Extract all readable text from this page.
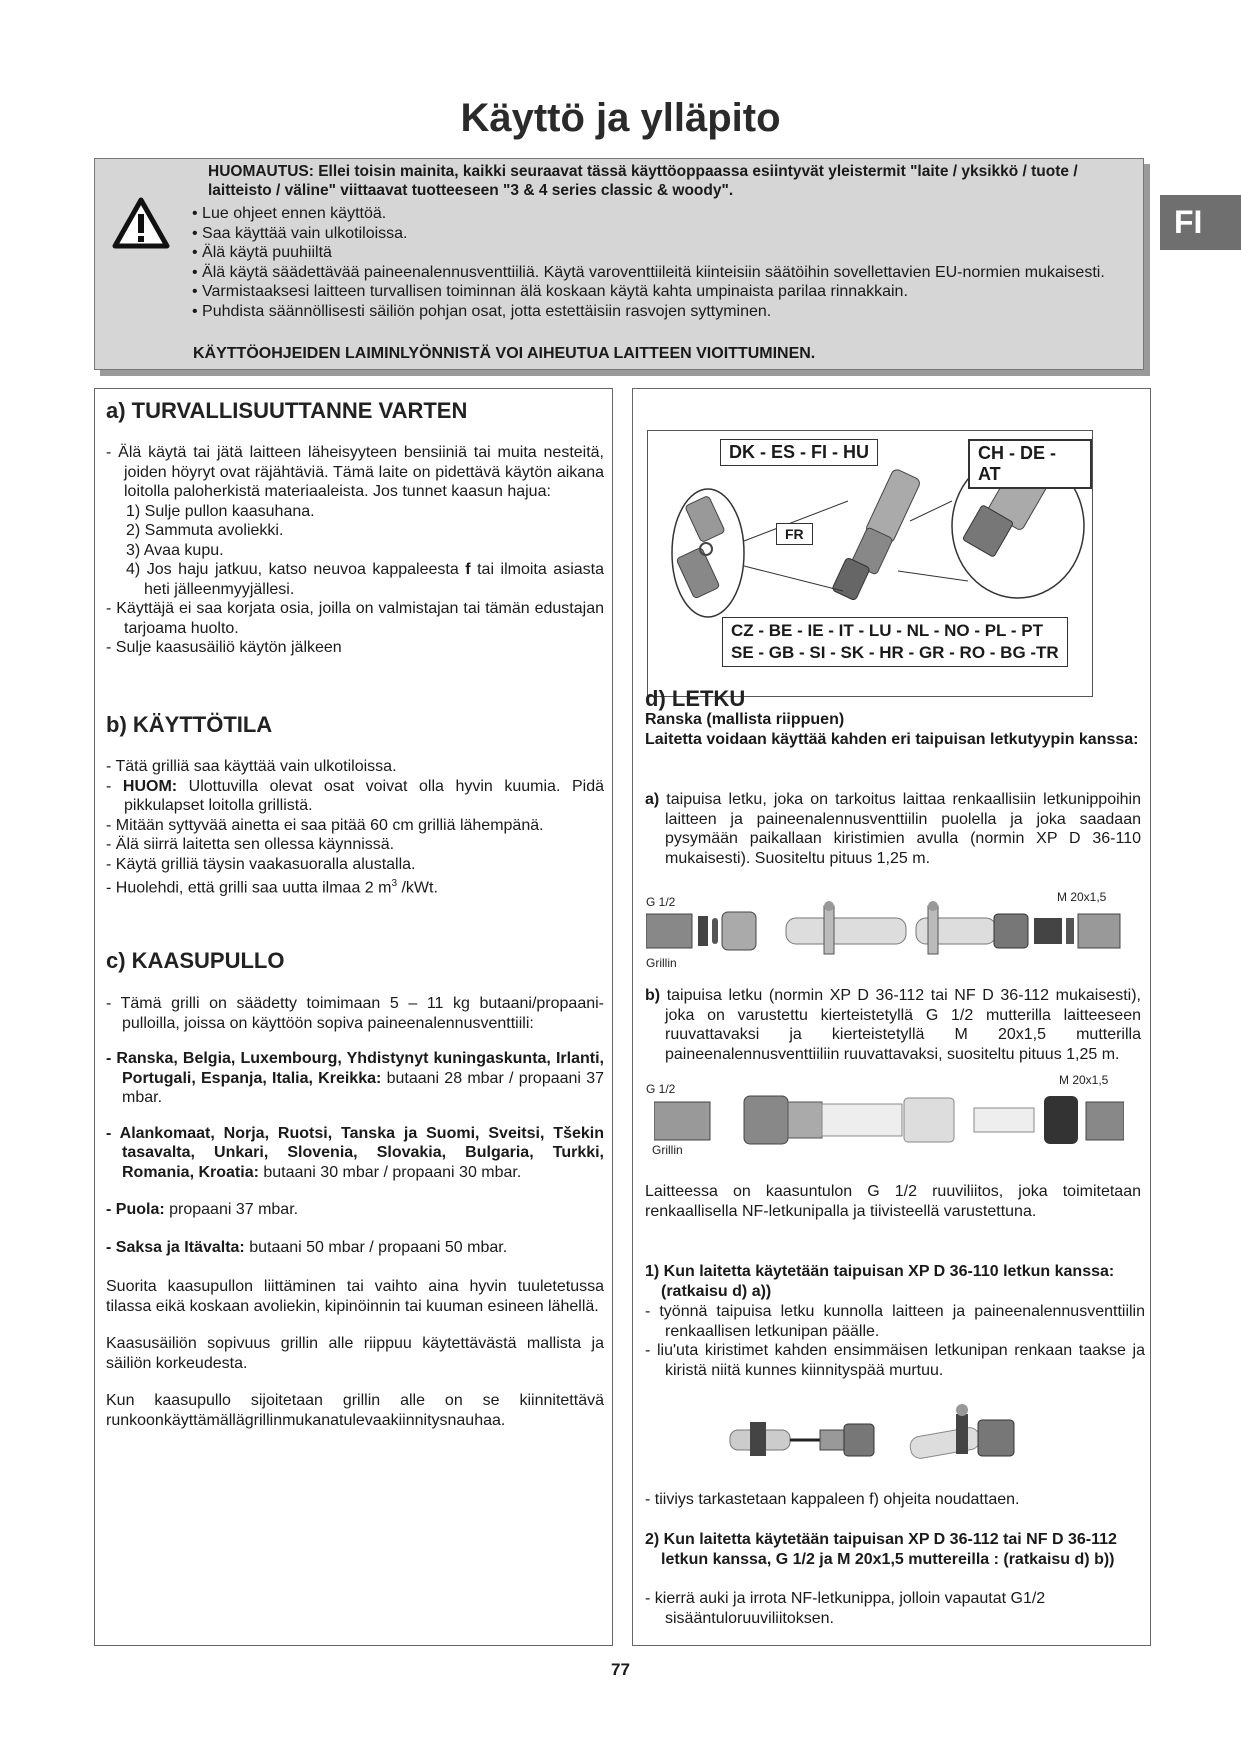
Käyttö ja ylläpito
FI
HUOMAUTUS: Ellei toisin mainita, kaikki seuraavat tässä käyttöoppaassa esiintyvät yleistermit "laite / yksikkö / tuote / laitteisto / väline" viittaavat tuotteeseen "3 & 4 series classic & woody".
• Lue ohjeet ennen käyttöä.
• Saa käyttää vain ulkotiloissa.
• Älä käytä puuhiiltä
• Älä käytä säädettävää paineenalennusventtiiliä. Käytä varoventtiileitä kiinteisiin säätöihin sovellettavien EU-normien mukaisesti.
• Varmistaaksesi laitteen turvallisen toiminnan älä koskaan käytä kahta umpinaista parilaa rinnakkain.
• Puhdista säännöllisesti säiliön pohjan osat, jotta estettäisiin rasvojen syttyminen.
KÄYTTÖOHJEIDEN LAIMINLYÖNNISTÄ VOI AIHEUTUA LAITTEEN VIOITTUMINEN.
a) TURVALLISUUTTANNE VARTEN
- Älä käytä tai jätä laitteen läheisyyteen bensiiniä tai muita nesteitä, joiden höyryt ovat räjähtäviä. Tämä laite on pidettävä käytön aikana loitolla paloherkistä materiaaleista. Jos tunnet kaasun hajua:
1) Sulje pullon kaasuhana.
2) Sammuta avoliekki.
3) Avaa kupu.
4) Jos haju jatkuu, katso neuvoa kappaleesta f tai ilmoita asiasta heti jälleenmyyjällesi.
- Käyttäjä ei saa korjata osia, joilla on valmistajan tai tämän edustajan tarjoama huolto.
- Sulje kaasusäiliö käytön jälkeen
b) KÄYTTÖTILA
- Tätä grilliä saa käyttää vain ulkotiloissa.
- HUOM: Ulottuvilla olevat osat voivat olla hyvin kuumia. Pidä pikkulapset loitolla grillistä.
- Mitään syttyvää ainetta ei saa pitää 60 cm grilliä lähempänä.
- Älä siirrä laitetta sen ollessa käynnissä.
- Käytä grilliä täysin vaakasuoralla alustalla.
- Huolehdi, että grilli saa uutta ilmaa 2 $m^3$ /kWt.
c) KAASUPULLO
- Tämä grilli on säädetty toimimaan 5 – 11 kg butaani/propaani-pulloilla, joissa on käyttöön sopiva paineenalennusventtiili:
- Ranska, Belgia, Luxembourg, Yhdistynyt kuningaskunta, Irlanti, Portugali, Espanja, Italia, Kreikka: butaani 28 mbar / propaani 37 mbar.
- Alankomaat, Norja, Ruotsi, Tanska ja Suomi, Sveitsi, Tšekin tasavalta, Unkari, Slovenia, Slovakia, Bulgaria, Turkki, Romania, Kroatia: butaani 30 mbar / propaani 30 mbar.
- Puola: propaani 37 mbar.
- Saksa ja Itävalta: butaani 50 mbar / propaani 50 mbar.
Suorita kaasupullon liittäminen tai vaihto aina hyvin tuuletetussa tilassa eikä koskaan avoliekin, kipinöinnin tai kuuman esineen lähellä.
Kaasusäiliön sopivuus grillin alle riippuu käytettävästä mallista ja säiliön korkeudesta.
Kun kaasupullo sijoitetaan grillin alle on se kiinnitettävä runkoonkäyttämällägrillinmukanatulevaakiinnitysnauhaa.
DK - ES - FI - HU	CH - DE - AT
FR
CZ - BE - IE - IT - LU - NL - NO - PL - PT
SE - GB - SI - SK - HR - GR - RO - BG -TR
d) LETKU
Ranska (mallista riippuen)
Laitetta voidaan käyttää kahden eri taipuisan letkutyypin kanssa:
a) taipuisa letku, joka on tarkoitus laittaa renkaallisiin letkunippoihin laitteen ja paineenalennusventtiilin puolella ja joka saadaan pysymään paikallaan kiristimien avulla (normin XP D 36-110 mukaisesti). Suositeltu pituus 1,25 m.
G 1/2	M 20x1,5
Grillin
b) taipuisa letku (normin XP D 36-112 tai NF D 36-112 mukaisesti), joka on varustettu kierteistetyllä G 1/2 mutterilla laitteeseen ruuvattavaksi ja kierteistetyllä M 20x1,5 mutterilla paineenalennusventtiiliin ruuvattavaksi, suositeltu pituus 1,25 m.
G 1/2
M 20x1,5
Grillin
Laitteessa on kaasuntulon G 1/2 ruuviliitos, joka toimitetaan renkaallisella NF-letkunipalla ja tiivisteellä varustettuna.
1) Kun laitetta käytetään taipuisan XP D 36-110 letkun kanssa: (ratkaisu d) a))
- työnnä taipuisa letku kunnolla laitteen ja paineenalennusventtiilin renkaallisen letkunipan päälle.
- liu'uta kiristimet kahden ensimmäisen letkunipan renkaan taakse ja kiristä niitä kunnes kiinnityspää murtuu.
- tiiviys tarkastetaan kappaleen f) ohjeita noudattaen.
2) Kun laitetta käytetään taipuisan XP D 36-112 tai NF D 36-112 letkun kanssa, G 1/2 ja M 20x1,5 muttereilla : (ratkaisu d) b))
- kierrä auki ja irrota NF-letkunippa, jolloin vapautat G1/2 sisääntuloruuviliitoksen.
77
